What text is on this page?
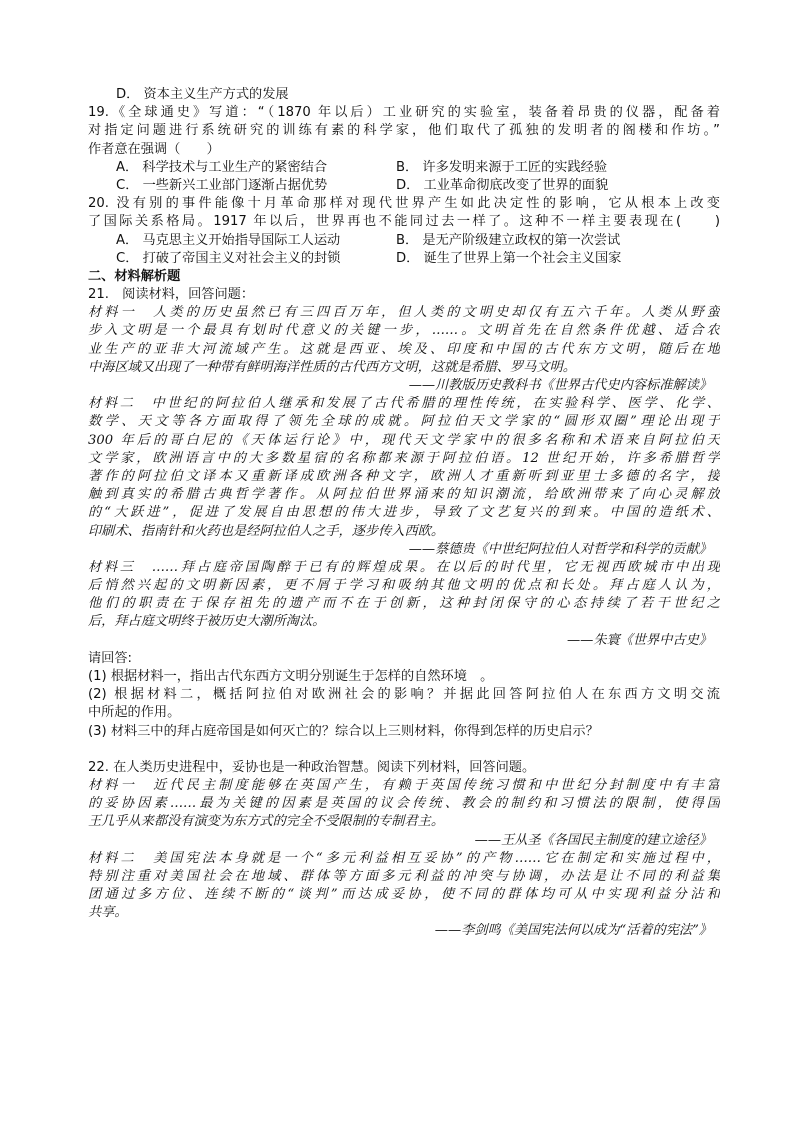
D． 资本主义生产方式的发展
19.《全球通史》写道：“（1870 年以后）工业研究的实验室，装备着昂贵的仪器，配备着
对指定问题进行系统研究的训练有素的科学家，他们取代了孤独的发明者的阁楼和作坊。”
作者意在强调（　　）
A． 科学技术与工业生产的紧密结合	B． 许多发明来源于工匠的实践经验
C． 一些新兴工业部门逐渐占据优势	D． 工业革命彻底改变了世界的面貌
20. 没有别的事件能像十月革命那样对现代世界产生如此决定性的影响，它从根本上改变
了国际关系格局。1917 年以后，世界再也不能同过去一样了。这种不一样主要表现在(　　)
A． 马克思主义开始指导国际工人运动	B． 是无产阶级建立政权的第一次尝试
C． 打破了帝国主义对社会主义的封锁	D． 诞生了世界上第一个社会主义国家
二、材料解析题
21.　阅读材料，回答问题：
材料一　人类的历史虽然已有三四百万年，但人类的文明史却仅有五六千年。人类从野蛮
步入文明是一个最具有划时代意义的关键一步，……。文明首先在自然条件优越、适合农
业生产的亚非大河流域产生。这就是西亚、埃及、印度和中国的古代东方文明，随后在地
中海区域又出现了一种带有鲜明海洋性质的古代西方文明，这就是希腊、罗马文明。
——川教版历史教科书《世界古代史内容标准解读》
材料二　中世纪的阿拉伯人继承和发展了古代希腊的理性传统，在实验科学、医学、化学、
数学、天文等各方面取得了领先全球的成就。阿拉伯天文学家的“圆形双圈”理论出现于
300 年后的哥白尼的《天体运行论》中，现代天文学家中的很多名称和术语来自阿拉伯天
文学家，欧洲语言中的大多数星宿的名称都来源于阿拉伯语。12 世纪开始，许多希腊哲学
著作的阿拉伯文译本又重新译成欧洲各种文字，欧洲人才重新听到亚里士多德的名字，接
触到真实的希腊古典哲学著作。从阿拉伯世界涌来的知识潮流，给欧洲带来了向心灵解放
的“大跃进”，促进了发展自由思想的伟大进步，导致了文艺复兴的到来。中国的造纸术、
印刷术、指南针和火药也是经阿拉伯人之手，逐步传入西欧。
——蔡德贵《中世纪阿拉伯人对哲学和科学的贡献》
材料三　……拜占庭帝国陶醉于已有的辉煌成果。在以后的时代里，它无视西欧城市中出现
后悄然兴起的文明新因素，更不屑于学习和吸纳其他文明的优点和长处。拜占庭人认为，
他们的职责在于保存祖先的遗产而不在于创新，这种封闭保守的心态持续了若干世纪之
后，拜占庭文明终于被历史大潮所淘汰。
——朱寰《世界中古史》
请回答:
(1) 根据材料一，指出古代东西方文明分别诞生于怎样的自然环境　。
(2) 根据材料二，概括阿拉伯对欧洲社会的影响？并据此回答阿拉伯人在东西方文明交流
中所起的作用。
(3) 材料三中的拜占庭帝国是如何灭亡的？综合以上三则材料，你得到怎样的历史启示？
22. 在人类历史进程中，妥协也是一种政治智慧。阅读下列材料，回答问题。
材料一　近代民主制度能够在英国产生，有赖于英国传统习惯和中世纪分封制度中有丰富
的妥协因素……最为关键的因素是英国的议会传统、教会的制约和习惯法的限制，使得国
王几乎从来都没有演变为东方式的完全不受限制的专制君主。
——王从圣《各国民主制度的建立途径》
材料二　美国宪法本身就是一个“多元利益相互妥协”的产物……它在制定和实施过程中，
特别注重对美国社会在地域、群体等方面多元利益的冲突与协调，办法是让不同的利益集
团通过多方位、连续不断的“谈判”而达成妥协，使不同的群体均可从中实现利益分沾和
共享。
——李剑鸣《美国宪法何以成为“活着的宪法”》
